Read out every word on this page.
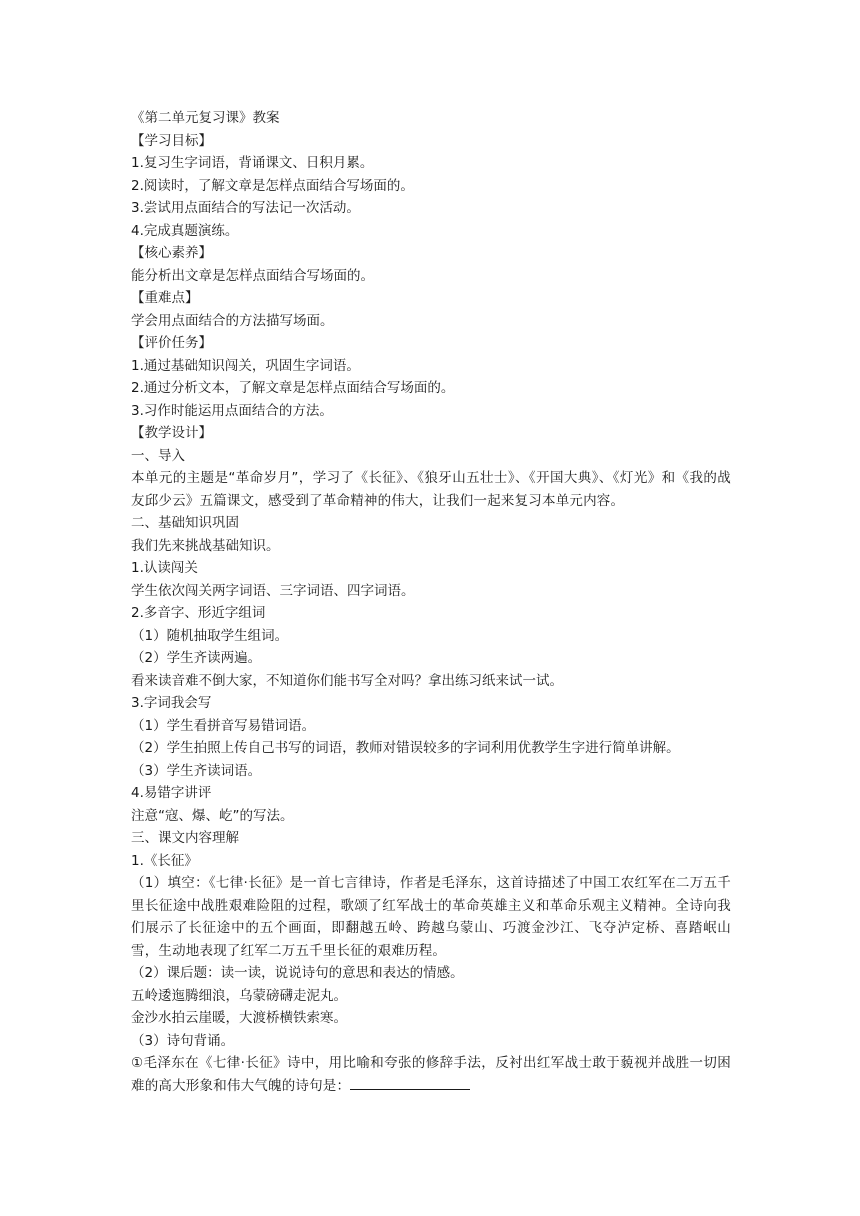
《第二单元复习课》教案
【学习目标】
1.复习生字词语，背诵课文、日积月累。
2.阅读时，了解文章是怎样点面结合写场面的。
3.尝试用点面结合的写法记一次活动。
4.完成真题演练。
【核心素养】
能分析出文章是怎样点面结合写场面的。
【重难点】
学会用点面结合的方法描写场面。
【评价任务】
1.通过基础知识闯关，巩固生字词语。
2.通过分析文本，了解文章是怎样点面结合写场面的。
3.习作时能运用点面结合的方法。
【教学设计】
一、导入
本单元的主题是“革命岁月”，学习了《长征》、《狼牙山五壮士》、《开国大典》、《灯光》和《我的战友邱少云》五篇课文，感受到了革命精神的伟大，让我们一起来复习本单元内容。
二、基础知识巩固
我们先来挑战基础知识。
1.认读闯关
学生依次闯关两字词语、三字词语、四字词语。
2.多音字、形近字组词
（1）随机抽取学生组词。
（2）学生齐读两遍。
看来读音难不倒大家，不知道你们能书写全对吗？拿出练习纸来试一试。
3.字词我会写
（1）学生看拼音写易错词语。
（2）学生拍照上传自己书写的词语，教师对错误较多的字词利用优教学生字进行简单讲解。
（3）学生齐读词语。
4.易错字讲评
注意“寇、爆、屹”的写法。
三、课文内容理解
1.《长征》
（1）填空：《七律·长征》是一首七言律诗，作者是毛泽东，这首诗描述了中国工农红军在二万五千里长征途中战胜艰难险阻的过程，歌颂了红军战士的革命英雄主义和革命乐观主义精神。全诗向我们展示了长征途中的五个画面，即翻越五岭、跨越乌蒙山、巧渡金沙江、飞夺泸定桥、喜踏岷山雪，生动地表现了红军二万五千里长征的艰难历程。
（2）课后题：读一读，说说诗句的意思和表达的情感。
五岭逶迤腾细浪，乌蒙磅礴走泥丸。
金沙水拍云崖暖，大渡桥横铁索寒。
（3）诗句背诵。
①毛泽东在《七律·长征》诗中，用比喻和夸张的修辞手法，反衬出红军战士敢于藐视并战胜一切困难的高大形象和伟大气魄的诗句是：
